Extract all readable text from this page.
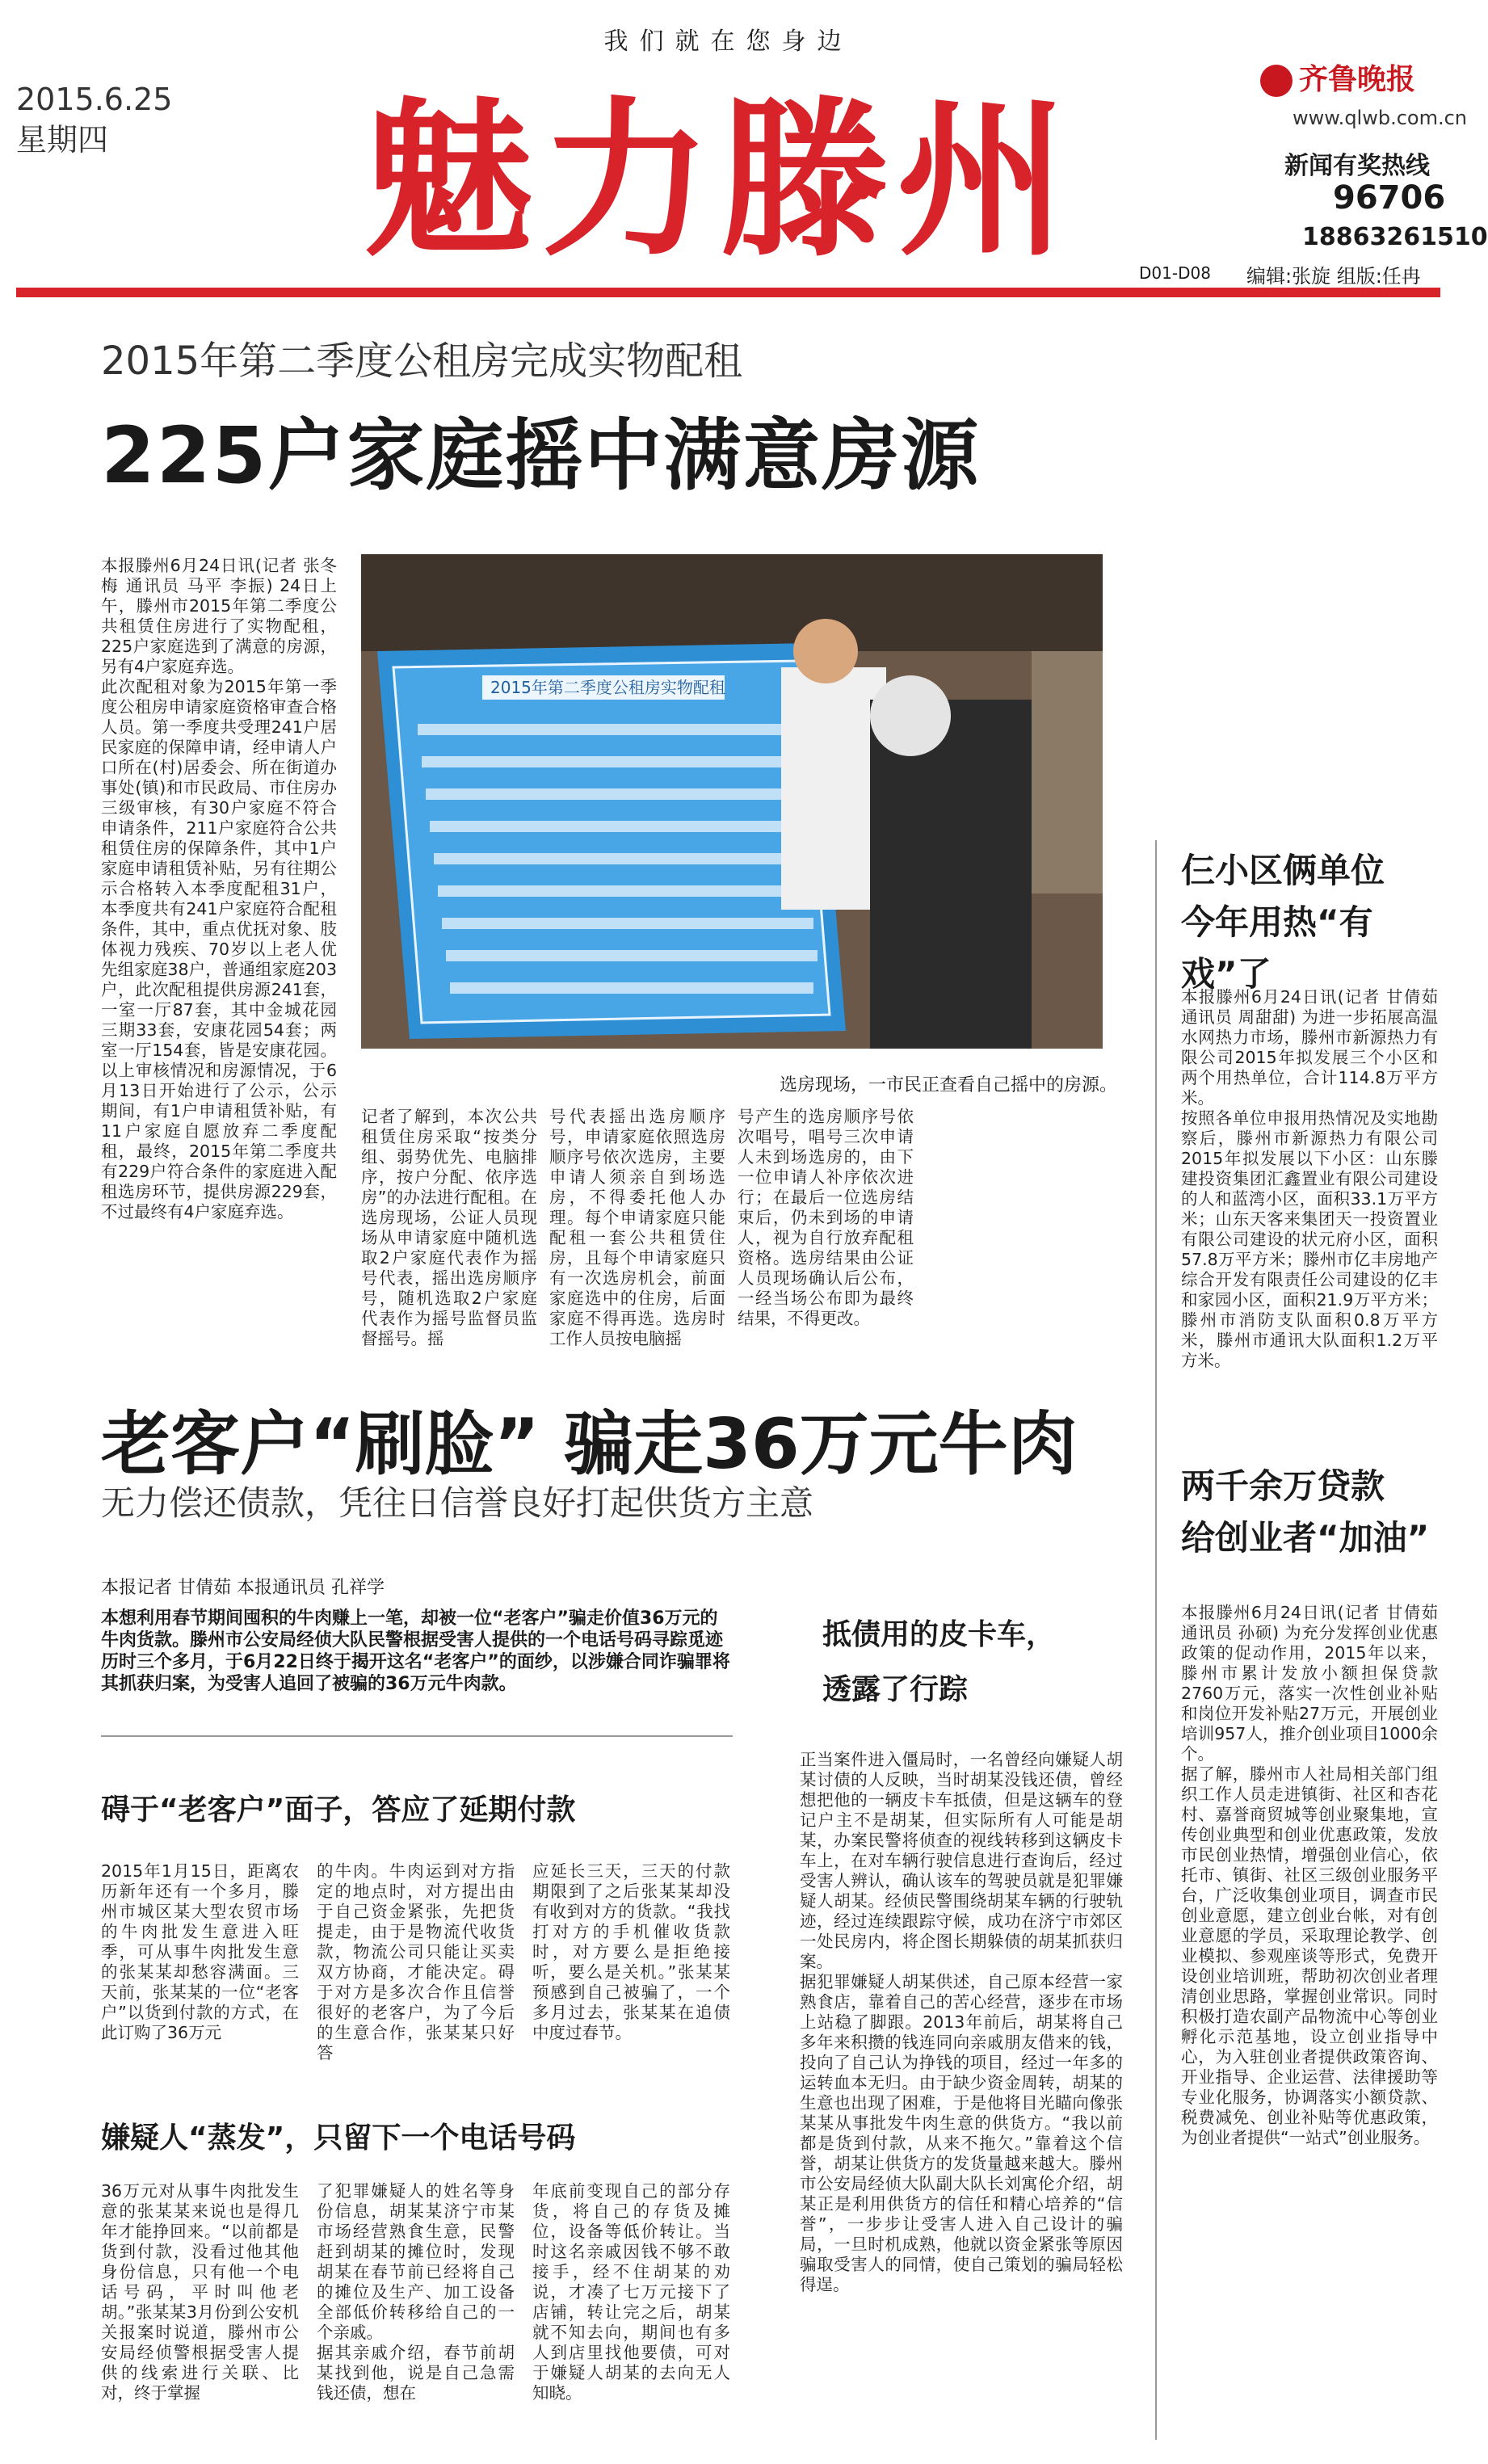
我们就在您身边
2015.6.25
星期四	魅力滕州
齐鲁晚报
www.qlwb.com.cn
新闻有奖热线
96706
18863261510
D01-D08 编辑:张旋 组版:任冉
2015年第二季度公租房完成实物配租
225户家庭摇中满意房源
本报滕州6月24日讯(记者 张冬梅 通讯员 马平 李振) 24日上午，滕州市2015年第二季度公共租赁住房进行了实物配租，225户家庭选到了满意的房源，另有4户家庭弃选。
此次配租对象为2015年第一季度公租房申请家庭资格审查合格人员。第一季度共受理241户居民家庭的保障申请，经申请人户口所在(村)居委会、所在街道办事处(镇)和市民政局、市住房办三级审核，有30户家庭不符合申请条件，211户家庭符合公共租赁住房的保障条件，其中1户家庭申请租赁补贴，另有往期公示合格转入本季度配租31户，本季度共有241户家庭符合配租条件，其中，重点优抚对象、肢体视力残疾、70岁以上老人优先组家庭38户，普通组家庭203户，此次配租提供房源241套，一室一厅87套，其中金城花园三期33套，安康花园54套；两室一厅154套，皆是安康花园。以上审核情况和房源情况，于6月13日开始进行了公示，公示期间，有1户申请租赁补贴，有11户家庭自愿放弃二季度配租，最终，2015年第二季度共有229户符合条件的家庭进入配租选房环节，提供房源229套，不过最终有4户家庭弃选。
2015年第二季度公租房实物配租
选房现场，一市民正查看自己摇中的房源。
记者了解到，本次公共租赁住房采取“按类分组、弱势优先、电脑排序，按户分配、依序选房”的办法进行配租。在选房现场，公证人员现场从申请家庭中随机选取2户家庭代表作为摇号代表，摇出选房顺序号，随机选取2户家庭代表作为摇号监督员监督摇号。摇
号代表摇出选房顺序号，申请家庭依照选房顺序号依次选房，主要申请人须亲自到场选房，不得委托他人办理。每个申请家庭只能配租一套公共租赁住房，且每个申请家庭只有一次选房机会，前面家庭选中的住房，后面家庭不得再选。选房时工作人员按电脑摇
号产生的选房顺序号依次唱号，唱号三次申请人未到场选房的，由下一位申请人补序依次进行；在最后一位选房结束后，仍未到场的申请人，视为自行放弃配租资格。选房结果由公证人员现场确认后公布，一经当场公布即为最终结果，不得更改。
仨小区俩单位
今年用热“有戏”了
本报滕州6月24日讯(记者 甘倩茹 通讯员 周甜甜) 为进一步拓展高温水网热力市场，滕州市新源热力有限公司2015年拟发展三个小区和两个用热单位，合计114.8万平方米。
按照各单位申报用热情况及实地勘察后，滕州市新源热力有限公司2015年拟发展以下小区：山东滕建投资集团汇鑫置业有限公司建设的人和蓝湾小区，面积33.1万平方米；山东天客来集团天一投资置业有限公司建设的状元府小区，面积57.8万平方米；滕州市亿丰房地产综合开发有限责任公司建设的亿丰和家园小区，面积21.9万平方米；滕州市消防支队面积0.8万平方米，滕州市通讯大队面积1.2万平方米。
两千余万贷款
给创业者“加油”
本报滕州6月24日讯(记者 甘倩茹 通讯员 孙硕) 为充分发挥创业优惠政策的促动作用，2015年以来，滕州市累计发放小额担保贷款2760万元，落实一次性创业补贴和岗位开发补贴27万元，开展创业培训957人，推介创业项目1000余个。
据了解，滕州市人社局相关部门组织工作人员走进镇街、社区和杏花村、嘉誉商贸城等创业聚集地，宣传创业典型和创业优惠政策，发放市民创业热情，增强创业信心，依托市、镇街、社区三级创业服务平台，广泛收集创业项目，调查市民创业意愿，建立创业台帐，对有创业意愿的学员，采取理论教学、创业模拟、参观座谈等形式，免费开设创业培训班，帮助初次创业者理清创业思路，掌握创业常识。同时积极打造农副产品物流中心等创业孵化示范基地，设立创业指导中心，为入驻创业者提供政策咨询、开业指导、企业运营、法律援助等专业化服务，协调落实小额贷款、税费减免、创业补贴等优惠政策，为创业者提供“一站式”创业服务。
老客户“刷脸” 骗走36万元牛肉
无力偿还债款，凭往日信誉良好打起供货方主意
本报记者 甘倩茹 本报通讯员 孔祥学
本想利用春节期间囤积的牛肉赚上一笔，却被一位“老客户”骗走价值36万元的牛肉货款。滕州市公安局经侦大队民警根据受害人提供的一个电话号码寻踪觅迹历时三个多月，于6月22日终于揭开这名“老客户”的面纱，以涉嫌合同诈骗罪将其抓获归案，为受害人追回了被骗的36万元牛肉款。
碍于“老客户”面子，答应了延期付款
2015年1月15日，距离农历新年还有一个多月，滕州市城区某大型农贸市场的牛肉批发生意进入旺季，可从事牛肉批发生意的张某某却愁容满面。三天前，张某某的一位“老客户”以货到付款的方式，在此订购了36万元
的牛肉。牛肉运到对方指定的地点时，对方提出由于自己资金紧张，先把货提走，由于是物流代收货款，物流公司只能让买卖双方协商，才能决定。碍于对方是多次合作且信誉很好的老客户，为了今后的生意合作，张某某只好答
应延长三天，三天的付款期限到了之后张某某却没有收到对方的货款。“我找打对方的手机催收货款时，对方要么是拒绝接听，要么是关机。”张某某预感到自己被骗了，一个多月过去，张某某在追债中度过春节。
嫌疑人“蒸发”，只留下一个电话号码
36万元对从事牛肉批发生意的张某某来说也是得几年才能挣回来。“以前都是货到付款，没看过他其他身份信息，只有他一个电话号码，平时叫他老胡。”张某某3月份到公安机关报案时说道，滕州市公安局经侦警根据受害人提供的线索进行关联、比对，终于掌握
了犯罪嫌疑人的姓名等身份信息，胡某某济宁市某市场经营熟食生意，民警赶到胡某的摊位时，发现胡某在春节前已经将自己的摊位及生产、加工设备全部低价转移给自己的一个亲戚。
据其亲戚介绍，春节前胡某找到他，说是自己急需钱还债，想在
年底前变现自己的部分存货，将自己的存货及摊位，设备等低价转让。当时这名亲戚因钱不够不敢接手，经不住胡某的劝说，才凑了七万元接下了店铺，转让完之后，胡某就不知去向，期间也有多人到店里找他要债，可对于嫌疑人胡某的去向无人知晓。
抵债用的皮卡车，
透露了行踪
正当案件进入僵局时，一名曾经向嫌疑人胡某讨债的人反映，当时胡某没钱还债，曾经想把他的一辆皮卡车抵债，但是这辆车的登记户主不是胡某，但实际所有人可能是胡某，办案民警将侦查的视线转移到这辆皮卡车上，在对车辆行驶信息进行查询后，经过受害人辨认，确认该车的驾驶员就是犯罪嫌疑人胡某。经侦民警围绕胡某车辆的行驶轨迹，经过连续跟踪守候，成功在济宁市郊区一处民房内，将企图长期躲债的胡某抓获归案。
据犯罪嫌疑人胡某供述，自己原本经营一家熟食店，靠着自己的苦心经营，逐步在市场上站稳了脚跟。2013年前后，胡某将自己多年来积攒的钱连同向亲戚朋友借来的钱，投向了自己认为挣钱的项目，经过一年多的运转血本无归。由于缺少资金周转，胡某的生意也出现了困难，于是他将目光瞄向像张某某从事批发牛肉生意的供货方。“我以前都是货到付款，从来不拖欠。”靠着这个信誉，胡某让供货方的发货量越来越大。滕州市公安局经侦大队副大队长刘寓伦介绍，胡某正是利用供货方的信任和精心培养的“信誉”，一步步让受害人进入自己设计的骗局，一旦时机成熟，他就以资金紧张等原因骗取受害人的同情，使自己策划的骗局轻松得逞。
